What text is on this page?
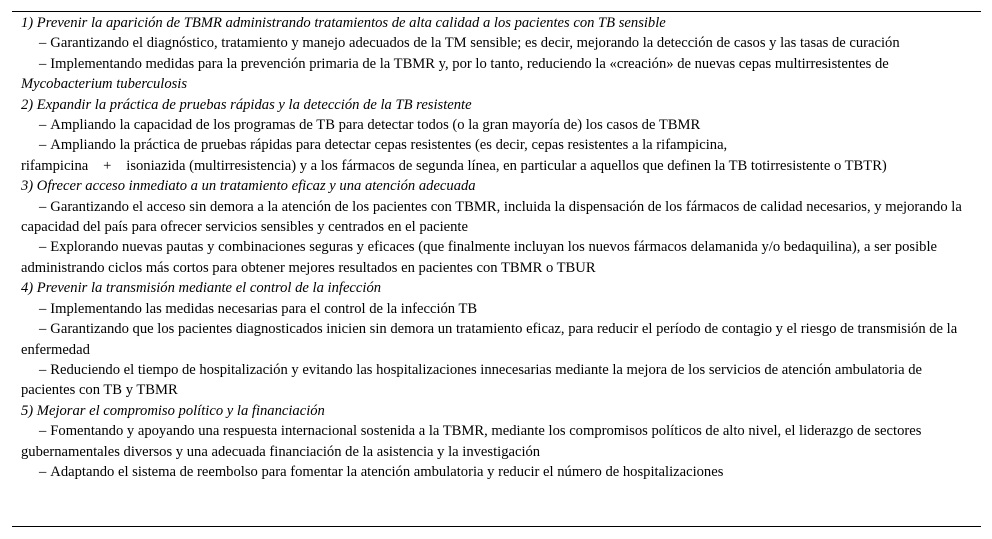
1) Prevenir la aparición de TBMR administrando tratamientos de alta calidad a los pacientes con TB sensible

– Garantizando el diagnóstico, tratamiento y manejo adecuados de la TM sensible; es decir, mejorando la detección de casos y las tasas de curación

– Implementando medidas para la prevención primaria de la TBMR y, por lo tanto, reduciendo la «creación» de nuevas cepas multirresistentes de Mycobacterium tuberculosis

2) Expandir la práctica de pruebas rápidas y la detección de la TB resistente

– Ampliando la capacidad de los programas de TB para detectar todos (o la gran mayoría de) los casos de TBMR

– Ampliando la práctica de pruebas rápidas para detectar cepas resistentes (es decir, cepas resistentes a la rifampicina,

rifampicina + isoniazida (multirresistencia) y a los fármacos de segunda línea, en particular a aquellos que definen la TB totirresistente o TBTR)

3) Ofrecer acceso inmediato a un tratamiento eficaz y una atención adecuada

– Garantizando el acceso sin demora a la atención de los pacientes con TBMR, incluida la dispensación de los fármacos de calidad necesarios, y mejorando la capacidad del país para ofrecer servicios sensibles y centrados en el paciente

– Explorando nuevas pautas y combinaciones seguras y eficaces (que finalmente incluyan los nuevos fármacos delamanida y/o bedaquilina), a ser posible administrando ciclos más cortos para obtener mejores resultados en pacientes con TBMR o TBUR

4) Prevenir la transmisión mediante el control de la infección

– Implementando las medidas necesarias para el control de la infección TB

– Garantizando que los pacientes diagnosticados inicien sin demora un tratamiento eficaz, para reducir el período de contagio y el riesgo de transmisión de la enfermedad

– Reduciendo el tiempo de hospitalización y evitando las hospitalizaciones innecesarias mediante la mejora de los servicios de atención ambulatoria de pacientes con TB y TBMR

5) Mejorar el compromiso político y la financiación

– Fomentando y apoyando una respuesta internacional sostenida a la TBMR, mediante los compromisos políticos de alto nivel, el liderazgo de sectores gubernamentales diversos y una adecuada financiación de la asistencia y la investigación

– Adaptando el sistema de reembolso para fomentar la atención ambulatoria y reducir el número de hospitalizaciones
